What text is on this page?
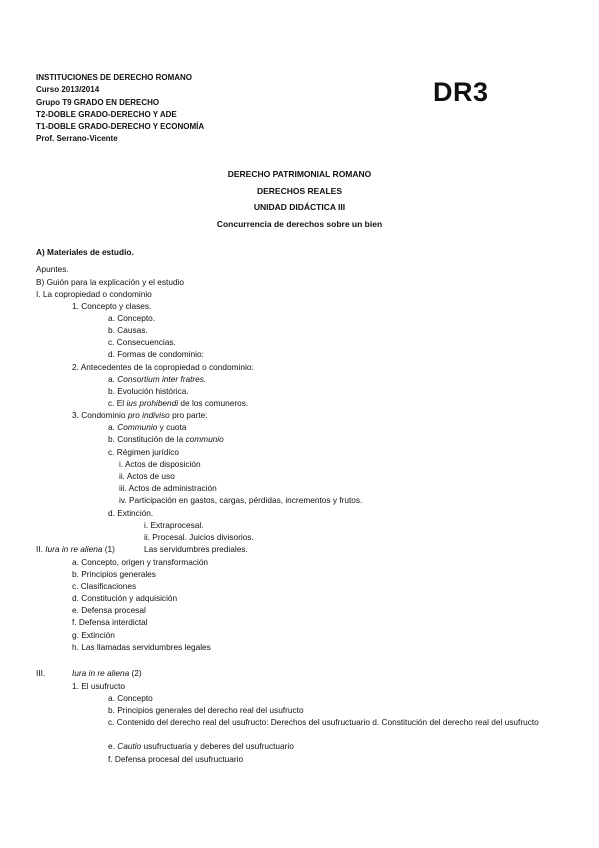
INSTITUCIONES DE DERECHO ROMANO
Curso 2013/2014
Grupo T9 GRADO EN DERECHO
T2-DOBLE GRADO-DERECHO Y ADE
T1-DOBLE GRADO-DERECHO Y ECONOMÍA
Prof. Serrano-Vicente
DR3
DERECHO PATRIMONIAL ROMANO
DERECHOS REALES
UNIDAD DIDÁCTICA III
Concurrencia de derechos sobre un bien
A) Materiales de estudio.
Apuntes.
B) Guión para la explicación y el estudio
I. La copropiedad o condominio
1. Concepto y clases.
a. Concepto.
b. Causas.
c. Consecuencias.
d. Formas de condominio:
2. Antecedentes de la copropiedad o condominio:
a. Consortium inter fratres.
b. Evolución histórica.
c. El ius prohibendi de los comuneros.
3. Condominio pro indiviso pro parte:
a. Communio y cuota
b. Constitución de la communio
c. Régimen jurídico
i. Actos de disposición
ii. Actos de uso
iii. Actos de administración
iv. Participación en gastos, cargas, pérdidas, incrementos y frutos.
d. Extinción.
i. Extraprocesal.
ii. Procesal. Juicios divisorios.
II. Iura in re aliena (1)	Las servidumbres prediales.
a. Concepto, origen y transformación
b. Principios generales
c. Clasificaciones
d. Constitución y adquisición
e. Defensa procesal
f. Defensa interdictal
g. Extinción
h. Las llamadas servidumbres legales
III.	Iura in re aliena (2)
1. El usufructo
a. Concepto
b. Principios generales del derecho real del usufructo
c. Contenido del derecho real del usufructo: Derechos del usufructuario d. Constitución del derecho real del usufructo
e. Cautio usufructuaria y deberes del usufructuario
f. Defensa procesal del usufructuario
